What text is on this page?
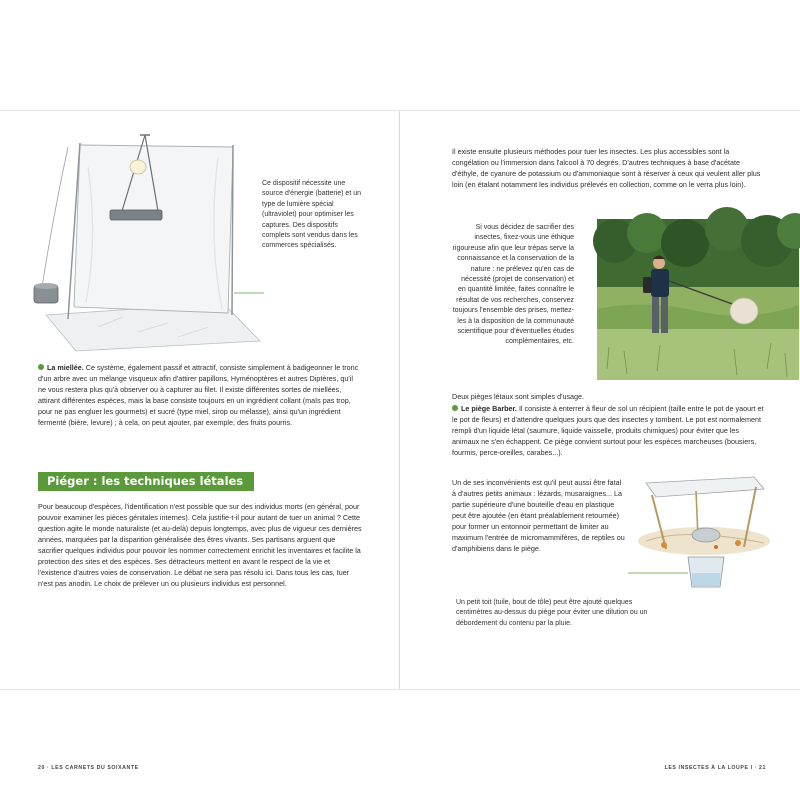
Ce dispositif nécessite une source d'énergie (batterie) et un type de lumière spécial (ultraviolet) pour optimiser les captures. Des dispositifs complets sont vendus dans les commerces spécialisés.

La miellée. Ce système, également passif et attractif, consiste simplement à badigeonner le tronc d'un arbre avec un mélange visqueux afin d'attirer papillons, Hyménoptères et autres Diptères, qu'il ne vous restera plus qu'à observer ou à capturer au filet. Il existe différentes sortes de miellées, attirant différentes espèces, mais la base consiste toujours en un ingrédient collant (maïs pas trop, pour ne pas engluer les gourmets) et sucré (type miel, sirop ou mélasse), ainsi qu'un ingrédient fermenté (bière, levure) ; à cela, on peut ajouter, par exemple, des fruits pourris.

Piéger : les techniques létales

Pour beaucoup d'espèces, l'identification n'est possible que sur des individus morts (en général, pour pouvoir examiner les pièces génitales internes). Cela justifie-t-il pour autant de tuer un animal ? Cette question agite le monde naturaliste (et au-delà) depuis longtemps, avec plus de vigueur ces dernières années, marquées par la disparition généralisée des êtres vivants. Ses partisans arguent que sacrifier quelques individus pour pouvoir les nommer correctement enrichit les inventaires et facilite la protection des sites et des espèces. Ses détracteurs mettent en avant le respect de la vie et l'existence d'autres voies de conservation. Le débat ne sera pas résolu ici. Dans tous les cas, tuer n'est pas anodin. Le choix de prélever un ou plusieurs individus est personnel.

20 · LES CARNETS DU SOIXANTE

Il existe ensuite plusieurs méthodes pour tuer les insectes. Les plus accessibles sont la congélation ou l'immersion dans l'alcool à 70 degrés. D'autres techniques à base d'acétate d'éthyle, de cyanure de potassium ou d'ammoniaque sont à réserver à ceux qui veulent aller plus loin (en étalant notamment les individus prélevés en collection, comme on le verra plus loin).

Si vous décidez de sacrifier des insectes, fixez-vous une éthique rigoureuse afin que leur trépas serve la connaissance et la conservation de la nature : ne prélevez qu'en cas de nécessité (projet de conservation) et en quantité limitée, faites connaître le résultat de vos recherches, conservez toujours l'ensemble des prises, mettez-les à la disposition de la communauté scientifique pour d'éventuelles études complémentaires, etc.

Deux pièges létaux sont simples d'usage.

Le piège Barber. Il consiste à enterrer à fleur de sol un récipient (taille entre le pot de yaourt et le pot de fleurs) et d'attendre quelques jours que des insectes y tombent. Le pot est normalement rempli d'un liquide létal (saumure, liquide vaisselle, produits chimiques) pour éviter que les animaux ne s'en échappent. Ce piège convient surtout pour les espèces marcheuses (bousiers, fourmis, perce-oreilles, carabes...).

Un de ses inconvénients est qu'il peut aussi être fatal à d'autres petits animaux : lézards, musaraignes... La partie supérieure d'une bouteille d'eau en plastique peut être ajoutée (en étant préalablement retournée) pour former un entonnoir permettant de limiter au maximum l'entrée de micromammifères, de reptiles ou d'amphibiens dans le piège.

Un petit toit (tuile, bout de tôle) peut être ajouté quelques centimètres au-dessus du piège pour éviter une dilution ou un débordement du contenu par la pluie.

LES INSECTES À LA LOUPE I · 21
